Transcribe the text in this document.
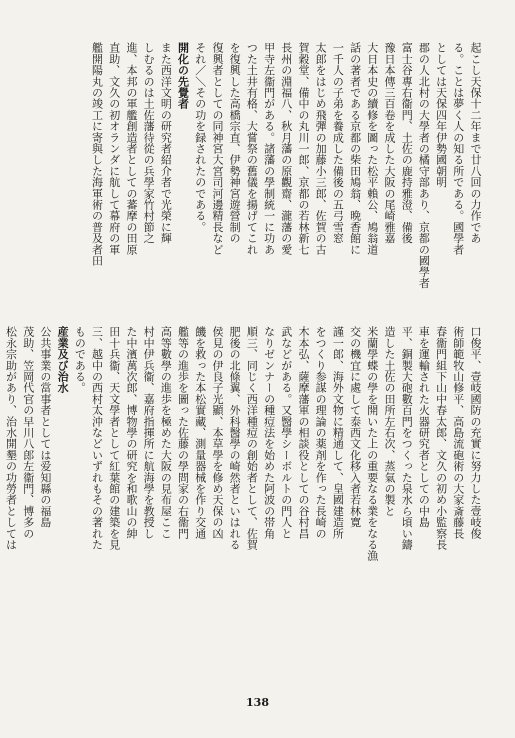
起こし天保十二年まで廿八回の力作であ
る。ことは夢く人の知る所である。國學者
としては天保四年伊勢國朝明
郡の人北村の大學者の橘守部あり、京都の國學者
富士谷專右衞門、土佐の鹿持雅澄、備後
豫日本傳三百卷を成した大阪の尾崎雅嘉
大日本史の續修を圖った松平賴公、鳩翁道
話の著者である京都の柴田鳩翁、晩香館に
一千人の子弟を養成した備後の五弓雪窓
太郎をはじめ飛彈の加藤小三郎、佐賀の古
賀穀堂、備中の丸川一郎、京都の若林新七
長州の淵福八、秋月藩の原觀齋、瀧藩の愛
甲寺左衞門がある。諸藩の學制統一に功あ
つた土井有格、大嘗祭の舊儀を揚げてこれ
を復興した高橋宗直、伊勢神宮遊營制の
復興者としての同神宮大宮司河邊精長など
それ／＼その功を録されたのである。
開化の先覺者
また西洋文明の研究者紹介者で光榮に輝
しむるのは土佐藩待從の兵學家竹村節之
進、本邦の軍艦創造者としての蕃摩の田原
直助、文久の初オランダに航して幕府の軍
艦開陽丸の竣工に寄與した海軍術の普及者田
口俊平、壹岐國防の充實に努力した壹岐俊
術師範牧山修平、高島流砲術の大家斎藤長
春衞門組下山中春太郎、文久の初め小監察長
車を運輸された火器研究者としての中島
平、銅製大砲數百門をつくった泉水ら頃い鑄
造した土佐の田所左右次、蒸氣の製と
米蘭學蝶の學を開いた上の重要なる業をなる漁
交の機宜に處して泰西文化移入者若林寛
謹一郎、海外文物に精通して、皇國建造所
をつくり参謀の理論の薬剤を作った長崎の
木本弘、薩摩藩軍の相談役としての谷村昌
武などがある。又醫學シーボルトの門人と
なりゼンナーの種痘法を始めた阿波の帯角
順三、同じく西洋種痘の創始者として、佐賀
肥後の北條翼、外科醫學の崎然者といはれる
侯見の伊良子光顯、本草學を修め天保の凶
饑を救った本松實藏、測量器械を作り交通
艦等の進歩を圖った佐藤の學問家の右衞門
高等數學の進歩を極めた大阪の見布屋ここ
村中伊兵衞、嘉府指揮所に航海學を教授し
た中濱萬次郎、博物學の研究を和歌山の紳
田十兵衞、天文學者として紅葉館の建築を見
三、越中の西村太沖などいずれもその著れた
ものである。
産業及び治水
公共事業の當事者としては爱知縣の福島
茂助、笠岡代官の早川八郎左衞門、博多の
松永宗助があり、治水開墾の功勞者としては
138
